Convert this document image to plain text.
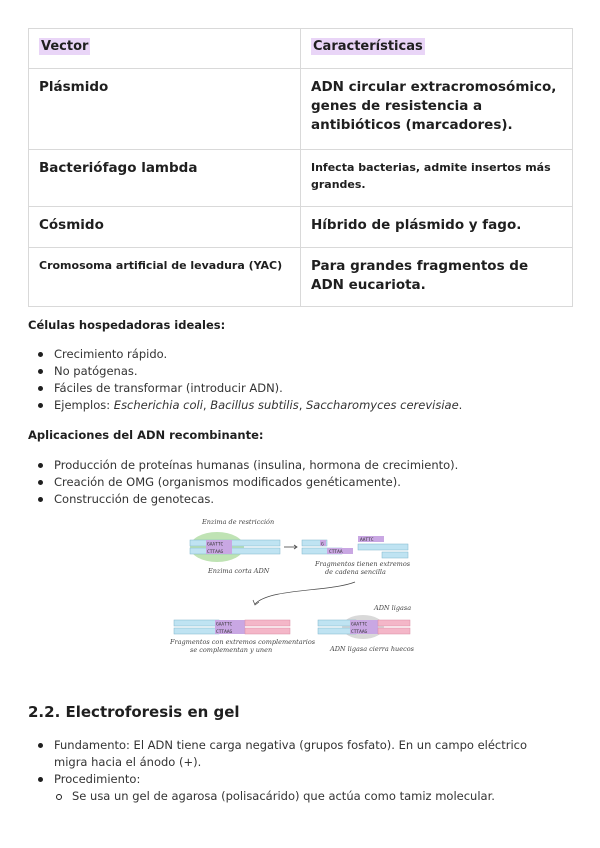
Vector	Características
Plásmido	ADN circular extracromosómico, genes de resistencia a antibióticos (marcadores).
Bacteriófago lambda	Infecta bacterias, admite insertos más grandes.
Cósmido	Híbrido de plásmido y fago.
Cromosoma artificial de levadura (YAC)	Para grandes fragmentos de ADN eucariota.
Células hospedadoras ideales:
Crecimiento rápido.
No patógenas.
Fáciles de transformar (introducir ADN).
Ejemplos: Escherichia coli, Bacillus subtilis, Saccharomyces cerevisiae.
Aplicaciones del ADN recombinante:
Producción de proteínas humanas (insulina, hormona de crecimiento).
Creación de OMG (organismos modificados genéticamente).
Construcción de genotecas.
Enzima de restricción
GAATTC
CTTAAG
Enzima corta ADN
CTTAA
G
AATTC
Fragmentos tienen extremos
de cadena sencilla
GAATTC
CTTAAG
Fragmentos con extremos complementarios
se complementan y unen
ADN ligasa
GAATTC
CTTAAG
ADN ligasa cierra huecos
2.2. Electroforesis en gel
Fundamento: El ADN tiene carga negativa (grupos fosfato). En un campo eléctrico migra hacia el ánodo (+).
Procedimiento:
Se usa un gel de agarosa (polisacárido) que actúa como tamiz molecular.
